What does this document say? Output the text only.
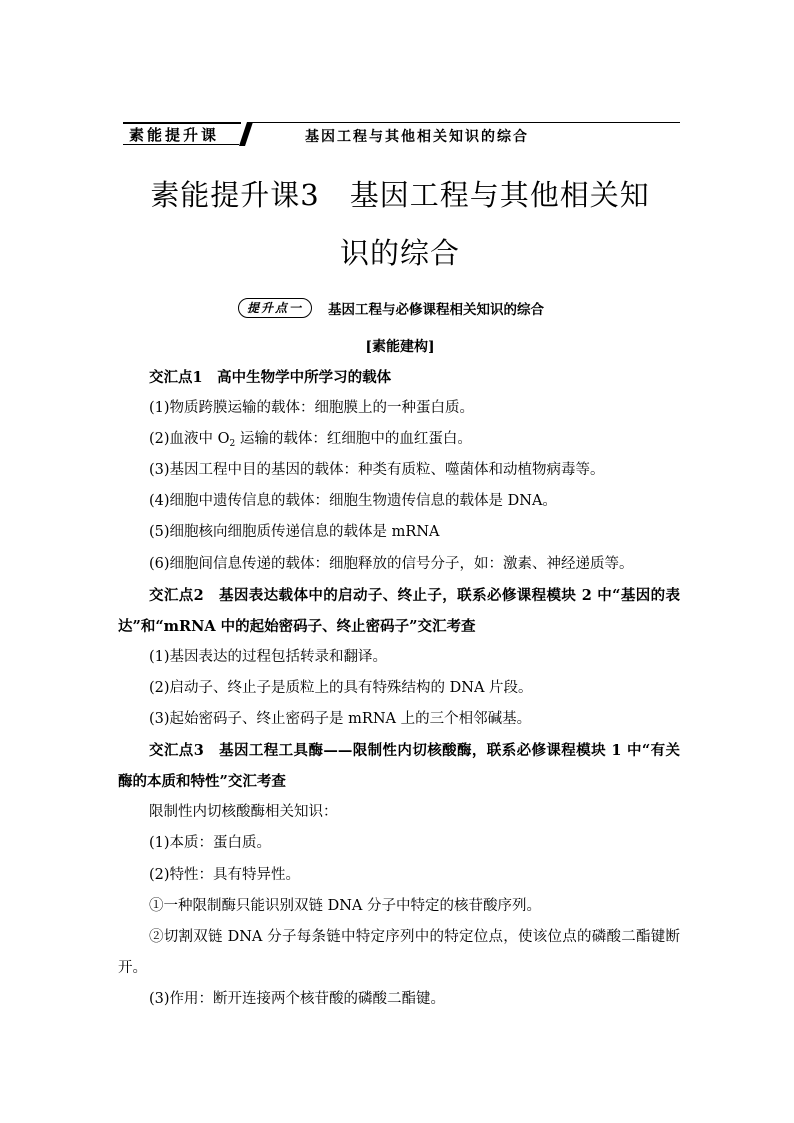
素能提升课	基因工程与其他相关知识的综合
素能提升课3　基因工程与其他相关知
识的综合
提升点一	基因工程与必修课程相关知识的综合
[素能建构]

交汇点1　高中生物学中所学习的载体

(1)物质跨膜运输的载体：细胞膜上的一种蛋白质。

(2)血液中 $O_2$ 运输的载体：红细胞中的血红蛋白。

(3)基因工程中目的基因的载体：种类有质粒、噬菌体和动植物病毒等。

(4)细胞中遗传信息的载体：细胞生物遗传信息的载体是 DNA。

(5)细胞核向细胞质传递信息的载体是 mRNA

(6)细胞间信息传递的载体：细胞释放的信号分子，如：激素、神经递质等。

交汇点2　基因表达载体中的启动子、终止子，联系必修课程模块 2 中“基因的表达”和“mRNA 中的起始密码子、终止密码子”交汇考查

(1)基因表达的过程包括转录和翻译。

(2)启动子、终止子是质粒上的具有特殊结构的 DNA 片段。

(3)起始密码子、终止密码子是 mRNA 上的三个相邻碱基。

交汇点3　基因工程工具酶——限制性内切核酸酶，联系必修课程模块 1 中“有关酶的本质和特性”交汇考查

限制性内切核酸酶相关知识：

(1)本质：蛋白质。

(2)特性：具有特异性。

①一种限制酶只能识别双链 DNA 分子中特定的核苷酸序列。

②切割双链 DNA 分子每条链中特定序列中的特定位点，使该位点的磷酸二酯键断开。

(3)作用：断开连接两个核苷酸的磷酸二酯键。
